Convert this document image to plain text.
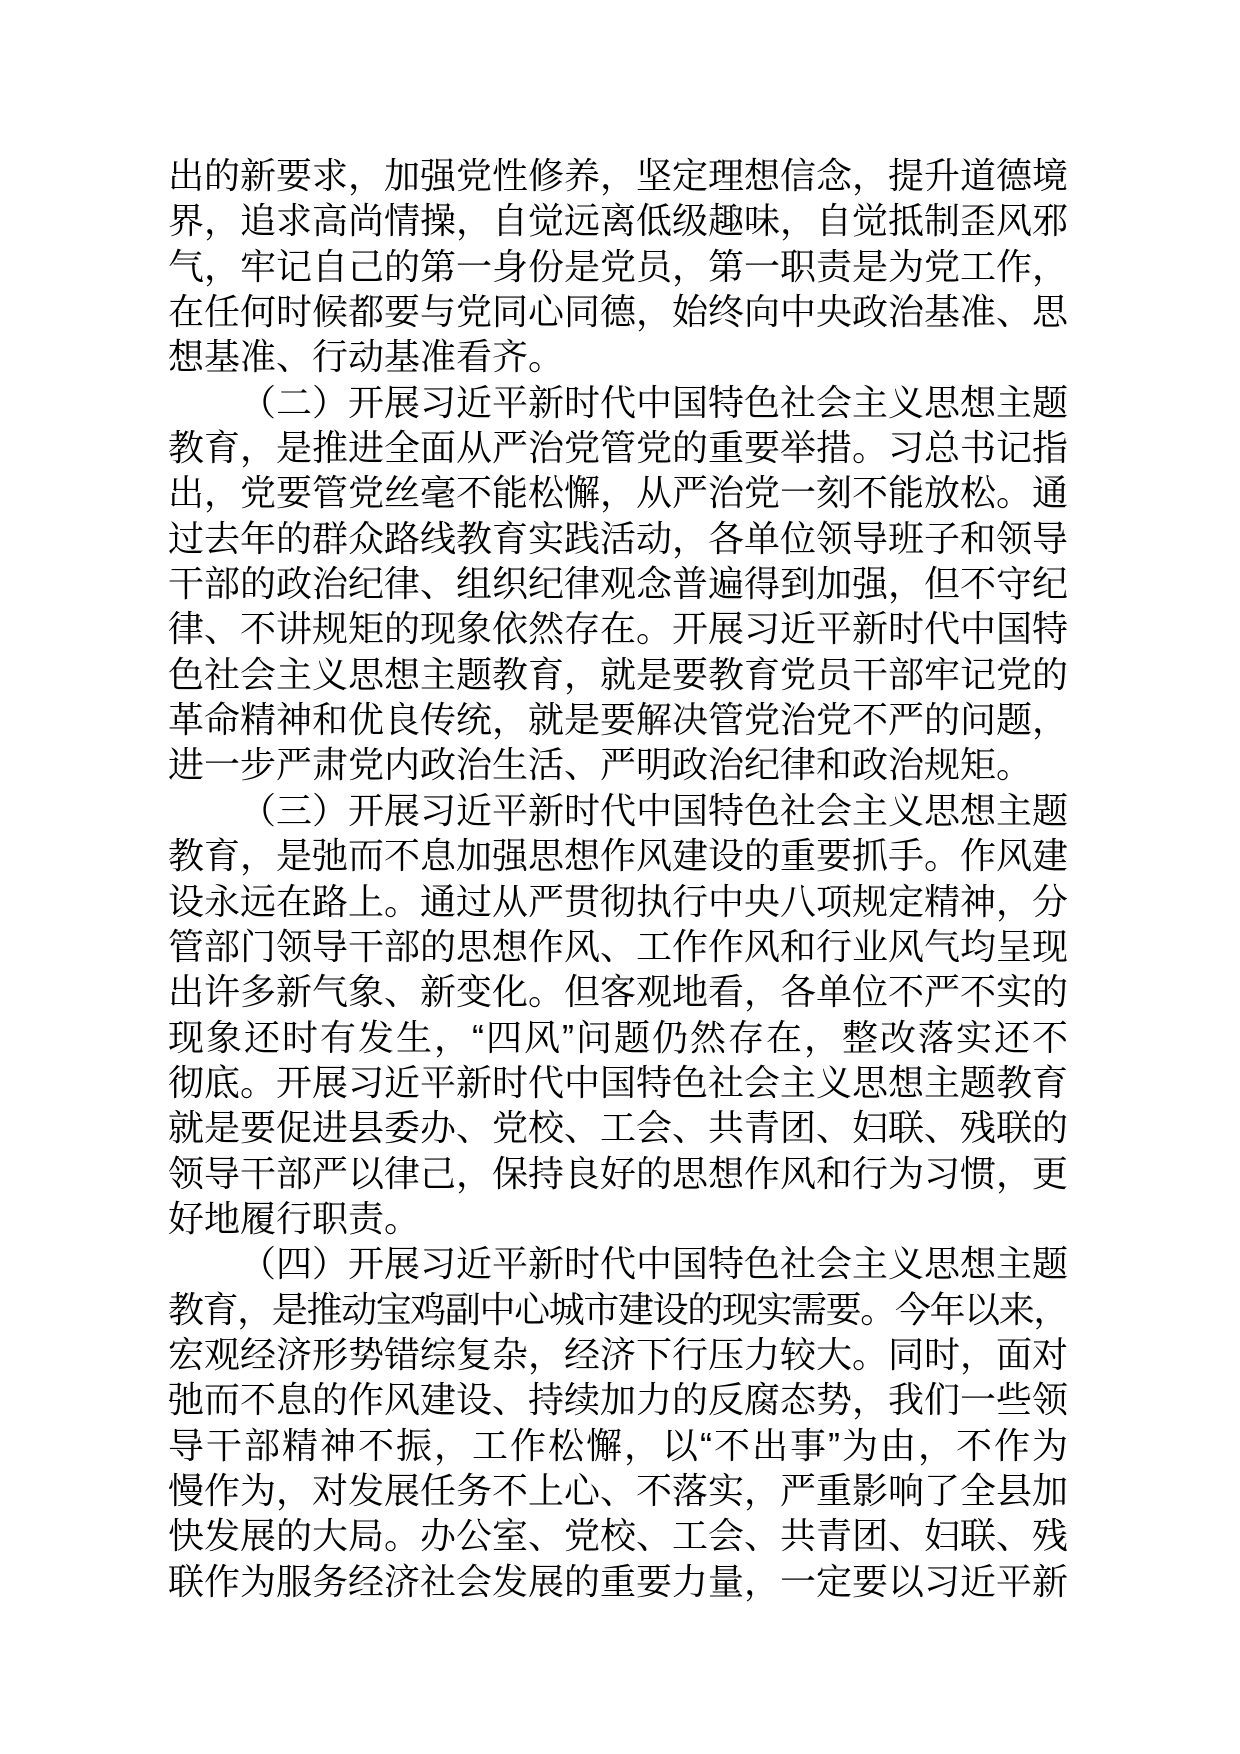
出的新要求，加强党性修养，坚定理想信念，提升道德境
界，追求高尚情操，自觉远离低级趣味，自觉抵制歪风邪
气，牢记自己的第一身份是党员，第一职责是为党工作，
在任何时候都要与党同心同德，始终向中央政治基准、思
想基准、行动基准看齐。
（二）开展习近平新时代中国特色社会主义思想主题
教育，是推进全面从严治党管党的重要举措。习总书记指
出，党要管党丝毫不能松懈，从严治党一刻不能放松。通
过去年的群众路线教育实践活动，各单位领导班子和领导
干部的政治纪律、组织纪律观念普遍得到加强，但不守纪
律、不讲规矩的现象依然存在。开展习近平新时代中国特
色社会主义思想主题教育，就是要教育党员干部牢记党的
革命精神和优良传统，就是要解决管党治党不严的问题，
进一步严肃党内政治生活、严明政治纪律和政治规矩。
（三）开展习近平新时代中国特色社会主义思想主题
教育，是弛而不息加强思想作风建设的重要抓手。作风建
设永远在路上。通过从严贯彻执行中央八项规定精神，分
管部门领导干部的思想作风、工作作风和行业风气均呈现
出许多新气象、新变化。但客观地看，各单位不严不实的
现象还时有发生，“四风”问题仍然存在，整改落实还不
彻底。开展习近平新时代中国特色社会主义思想主题教育
就是要促进县委办、党校、工会、共青团、妇联、残联的
领导干部严以律己，保持良好的思想作风和行为习惯，更
好地履行职责。
（四）开展习近平新时代中国特色社会主义思想主题
教育，是推动宝鸡副中心城市建设的现实需要。今年以来，
宏观经济形势错综复杂，经济下行压力较大。同时，面对
弛而不息的作风建设、持续加力的反腐态势，我们一些领
导干部精神不振，工作松懈，以“不出事”为由，不作为
慢作为，对发展任务不上心、不落实，严重影响了全县加
快发展的大局。办公室、党校、工会、共青团、妇联、残
联作为服务经济社会发展的重要力量，一定要以习近平新
